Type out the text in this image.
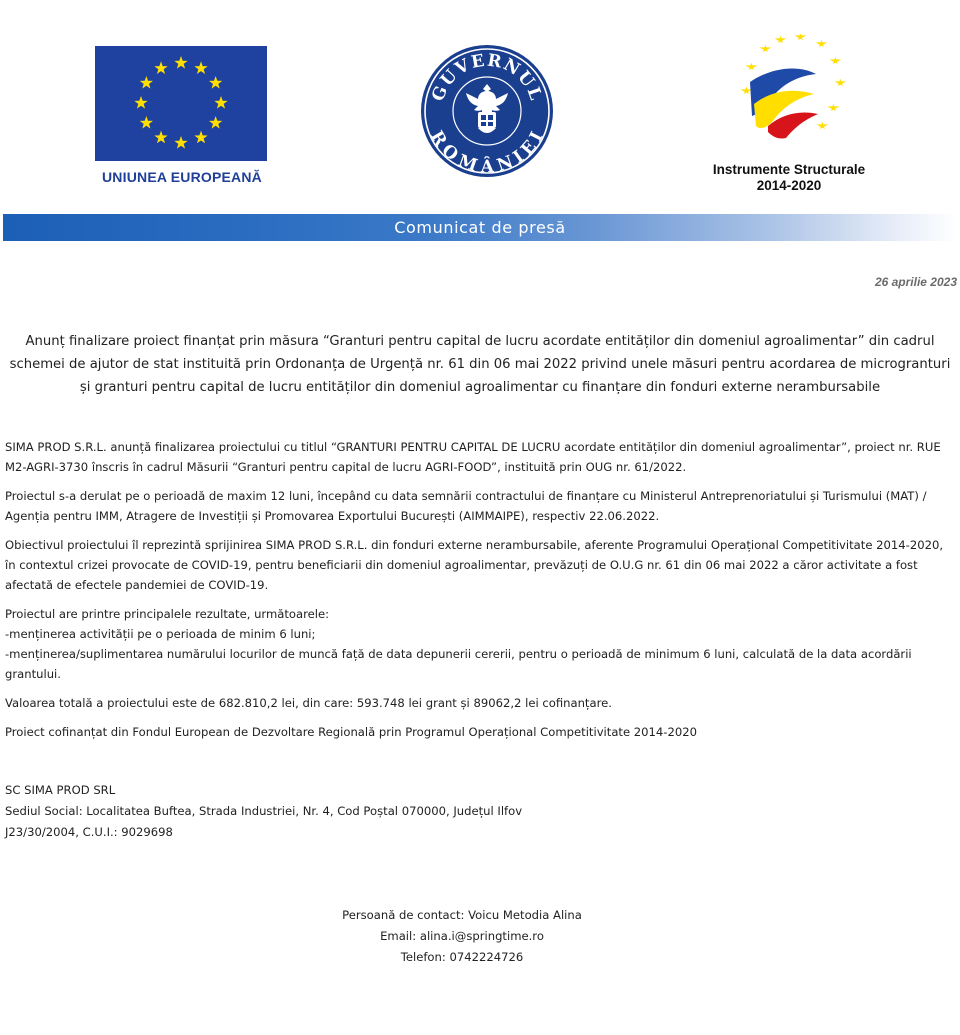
UNIUNEA EUROPEANĂ
GUVERNUL
ROMÂNIEI
Instrumente Structurale
2014-2020
Comunicat de presă
26 aprilie 2023
Anunț finalizare proiect finanțat prin măsura “Granturi pentru capital de lucru acordate entităților din domeniul agroalimentar” din cadrul schemei de ajutor de stat instituită prin Ordonanța de Urgență nr. 61 din 06 mai 2022 privind unele măsuri pentru acordarea de microgranturi și granturi pentru capital de lucru entităților din domeniul agroalimentar cu finanțare din fonduri externe nerambursabile

SIMA PROD S.R.L. anunță finalizarea proiectului cu titlul “GRANTURI PENTRU CAPITAL DE LUCRU acordate entităților din domeniul agroalimentar”, proiect nr. RUE M2-AGRI-3730 înscris în cadrul Măsurii “Granturi pentru capital de lucru AGRI-FOOD”, instituită prin OUG nr. 61/2022.

Proiectul s-a derulat pe o perioadă de maxim 12 luni, începând cu data semnării contractului de finanțare cu Ministerul Antreprenoriatului și Turismului (MAT) / Agenția pentru IMM, Atragere de Investiții și Promovarea Exportului București (AIMMAIPE), respectiv 22.06.2022.

Obiectivul proiectului îl reprezintă sprijinirea SIMA PROD S.R.L. din fonduri externe nerambursabile, aferente Programului Operațional Competitivitate 2014-2020, în contextul crizei provocate de COVID-19, pentru beneficiarii din domeniul agroalimentar, prevăzuți de O.U.G nr. 61 din 06 mai 2022 a căror activitate a fost afectată de efectele pandemiei de COVID-19.

Proiectul are printre principalele rezultate, următoarele:
-menținerea activității pe o perioada de minim 6 luni;
-menținerea/suplimentarea numărului locurilor de muncă față de data depunerii cererii, pentru o perioadă de minimum 6 luni, calculată de la data acordării grantului.

Valoarea totală a proiectului este de 682.810,2 lei, din care: 593.748 lei grant și 89062,2 lei cofinanțare.

Proiect cofinanțat din Fondul European de Dezvoltare Regională prin Programul Operațional Competitivitate 2014-2020

SC SIMA PROD SRL
Sediul Social: Localitatea Buftea, Strada Industriei, Nr. 4, Cod Poștal 070000, Județul Ilfov
J23/30/2004, C.U.I.: 9029698
Persoană de contact: Voicu Metodia Alina
Email: alina.i@springtime.ro
Telefon: 0742224726
